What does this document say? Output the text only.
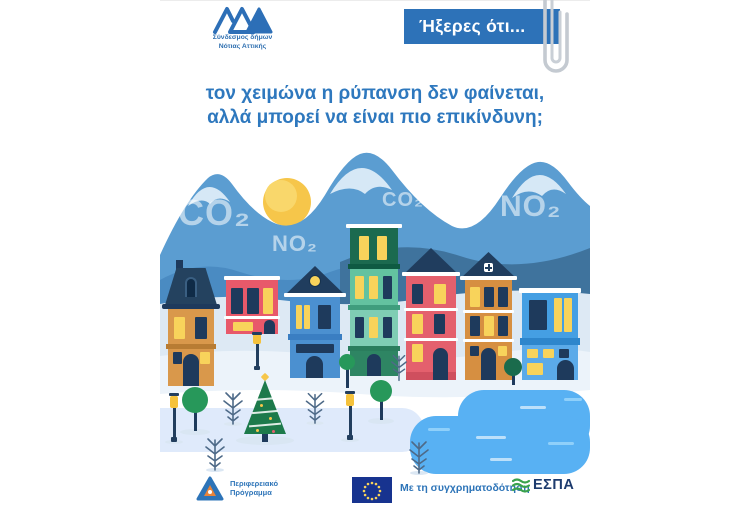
Σύνδεσμος δήμων
Νότιας Αττικής
Ήξερες ότι...
τον χειμώνα η ρύπανση δεν φαίνεται,
αλλά μπορεί να είναι πιο επικίνδυνη;
CO₂
NO₂
CO₂	NO₂
Περιφερειακό
Πρόγραμμα	Με τη συγχρηματοδότηση ΕΣΠΑ
